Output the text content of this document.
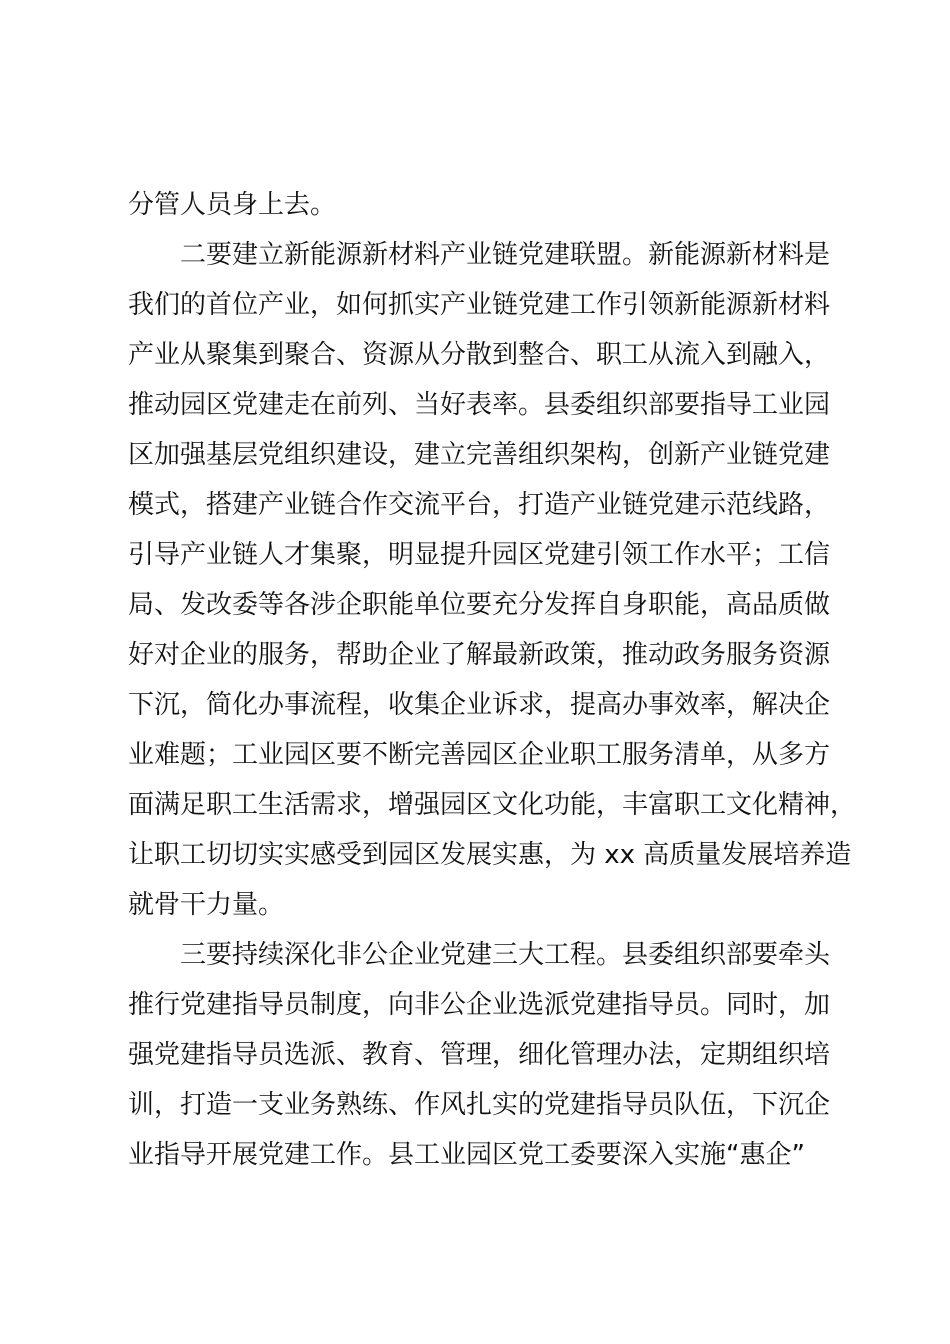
分管人员身上去。
二要建立新能源新材料产业链党建联盟。新能源新材料是
我们的首位产业，如何抓实产业链党建工作引领新能源新材料
产业从聚集到聚合、资源从分散到整合、职工从流入到融入，
推动园区党建走在前列、当好表率。县委组织部要指导工业园
区加强基层党组织建设，建立完善组织架构，创新产业链党建
模式，搭建产业链合作交流平台，打造产业链党建示范线路，
引导产业链人才集聚，明显提升园区党建引领工作水平；工信
局、发改委等各涉企职能单位要充分发挥自身职能，高品质做
好对企业的服务，帮助企业了解最新政策，推动政务服务资源
下沉，简化办事流程，收集企业诉求，提高办事效率，解决企
业难题；工业园区要不断完善园区企业职工服务清单，从多方
面满足职工生活需求，增强园区文化功能，丰富职工文化精神，
让职工切切实实感受到园区发展实惠，为 xx 高质量发展培养造
就骨干力量。
三要持续深化非公企业党建三大工程。县委组织部要牵头
推行党建指导员制度，向非公企业选派党建指导员。同时，加
强党建指导员选派、教育、管理，细化管理办法，定期组织培
训，打造一支业务熟练、作风扎实的党建指导员队伍，下沉企
业指导开展党建工作。县工业园区党工委要深入实施“惠企”
